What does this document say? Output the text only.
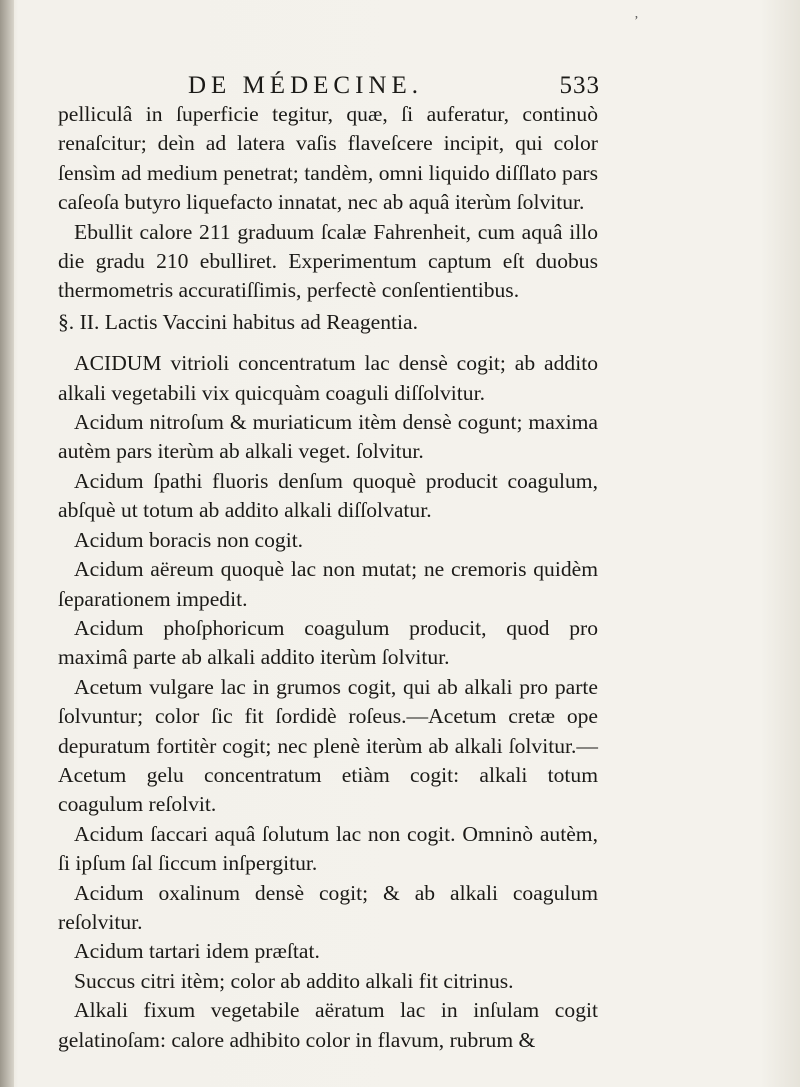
ʼ
DE MÉDECINE.	533

pelliculâ in ſuperficie tegitur, quæ, ſi auferatur, continuò renaſcitur; deìn ad latera vaſis flaveſcere incipit, qui color ſensìm ad medium penetrat; tandèm, omni liquido diſſlato pars caſeoſa butyro liquefacto innatat, nec ab aquâ iterùm ſolvitur.

Ebullit calore 211 graduum ſcalæ Fahrenheit, cum aquâ illo die gradu 210 ebulliret. Experimentum captum eſt duobus thermometris accuratiſſimis, perfectè conſentientibus.

§. II. Lactis Vaccini habitus ad Reagentia.

ACIDUM vitrioli concentratum lac densè cogit; ab addito alkali vegetabili vix quicquàm coaguli diſſolvitur.

Acidum nitroſum & muriaticum itèm densè cogunt; maxima autèm pars iterùm ab alkali veget. ſolvitur.

Acidum ſpathi fluoris denſum quoquè producit coagulum, abſquè ut totum ab addito alkali diſſolvatur.

Acidum boracis non cogit.

Acidum aëreum quoquè lac non mutat; ne cremoris quidèm ſeparationem impedit.

Acidum phoſphoricum coagulum producit, quod pro maximâ parte ab alkali addito iterùm ſolvitur.

Acetum vulgare lac in grumos cogit, qui ab alkali pro parte ſolvuntur; color ſic fit ſordidè roſeus.—Acetum cretæ ope depuratum fortitèr cogit; nec plenè iterùm ab alkali ſolvitur.—Acetum gelu concentratum etiàm cogit: alkali totum coagulum reſolvit.

Acidum ſaccari aquâ ſolutum lac non cogit. Omninò autèm, ſi ipſum ſal ſiccum inſpergitur.

Acidum oxalinum densè cogit; & ab alkali coagulum reſolvitur.

Acidum tartari idem præſtat.

Succus citri itèm; color ab addito alkali fit citrinus.

Alkali fixum vegetabile aëratum lac in inſulam cogit gelatinoſam: calore adhibito color in flavum, rubrum &
